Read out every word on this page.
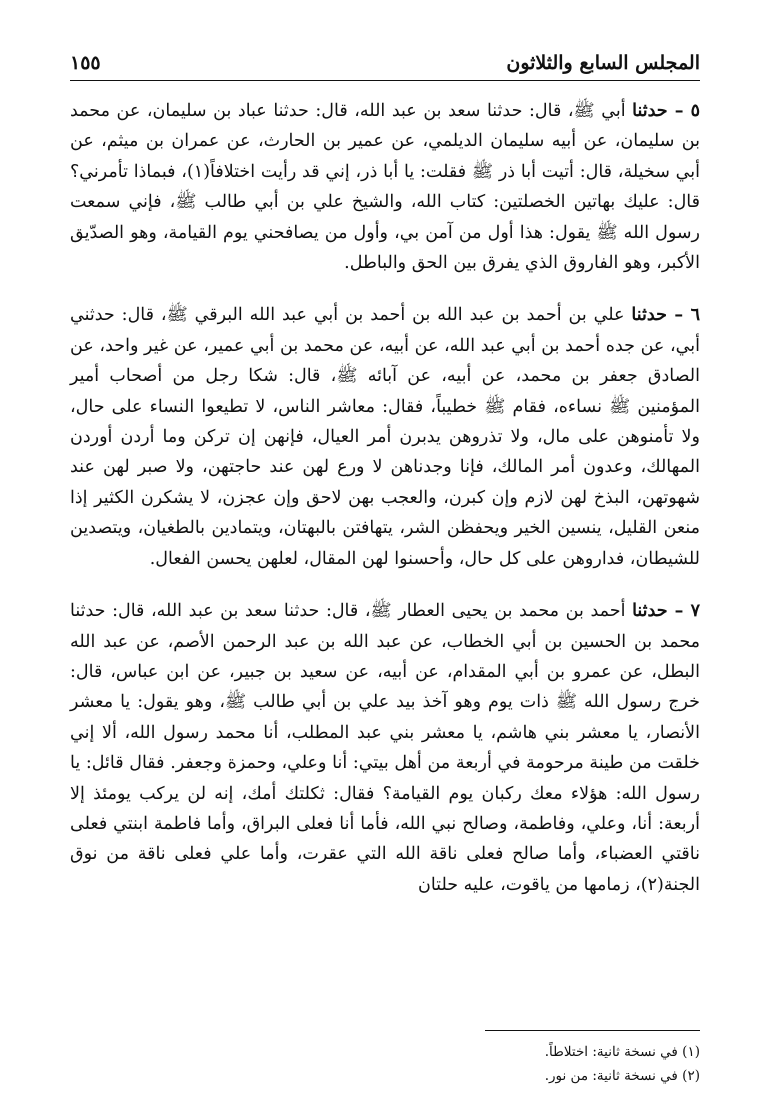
المجلس السابع والثلاثون
١٥٥

٥ – حدثنا أبي ﷺ، قال: حدثنا سعد بن عبد الله، قال: حدثنا عباد بن سليمان، عن محمد بن سليمان، عن أبيه سليمان الديلمي، عن عمير بن الحارث، عن عمران بن ميثم، عن أبي سخيلة، قال: أتيت أبا ذر ﷺ فقلت: يا أبا ذر، إني قد رأيت اختلافاً(١)، فبماذا تأمرني؟ قال: عليك بهاتين الخصلتين: كتاب الله، والشيخ علي بن أبي طالب ﷺ، فإني سمعت رسول الله ﷺ يقول: هذا أول من آمن بي، وأول من يصافحني يوم القيامة، وهو الصدّيق الأكبر، وهو الفاروق الذي يفرق بين الحق والباطل.

٦ – حدثنا علي بن أحمد بن عبد الله بن أحمد بن أبي عبد الله البرقي ﷺ، قال: حدثني أبي، عن جده أحمد بن أبي عبد الله، عن أبيه، عن محمد بن أبي عمير، عن غير واحد، عن الصادق جعفر بن محمد، عن أبيه، عن آبائه ﷺ، قال: شكا رجل من أصحاب أمير المؤمنين ﷺ نساءه، فقام ﷺ خطيباً، فقال: معاشر الناس، لا تطيعوا النساء على حال، ولا تأمنوهن على مال، ولا تذروهن يدبرن أمر العيال، فإنهن إن تركن وما أردن أوردن المهالك، وعدون أمر المالك، فإنا وجدناهن لا ورع لهن عند حاجتهن، ولا صبر لهن عند شهوتهن، البذخ لهن لازم وإن كبرن، والعجب بهن لاحق وإن عجزن، لا يشكرن الكثير إذا منعن القليل، ينسين الخير ويحفظن الشر، يتهافتن بالبهتان، ويتمادين بالطغيان، ويتصدين للشيطان، فداروهن على كل حال، وأحسنوا لهن المقال، لعلهن يحسن الفعال.

٧ – حدثنا أحمد بن محمد بن يحيى العطار ﷺ، قال: حدثنا سعد بن عبد الله، قال: حدثنا محمد بن الحسين بن أبي الخطاب، عن عبد الله بن عبد الرحمن الأصم، عن عبد الله البطل، عن عمرو بن أبي المقدام، عن أبيه، عن سعيد بن جبير، عن ابن عباس، قال: خرج رسول الله ﷺ ذات يوم وهو آخذ بيد علي بن أبي طالب ﷺ، وهو يقول: يا معشر الأنصار، يا معشر بني هاشم، يا معشر بني عبد المطلب، أنا محمد رسول الله، ألا إني خلقت من طينة مرحومة في أربعة من أهل بيتي: أنا وعلي، وحمزة وجعفر. فقال قائل: يا رسول الله: هؤلاء معك ركبان يوم القيامة؟ فقال: ثكلتك أمك، إنه لن يركب يومئذ إلا أربعة: أنا، وعلي، وفاطمة، وصالح نبي الله، فأما أنا فعلى البراق، وأما فاطمة ابنتي فعلى ناقتي العضباء، وأما صالح فعلى ناقة الله التي عقرت، وأما علي فعلى ناقة من نوق الجنة(٢)، زمامها من ياقوت، عليه حلتان

(١) في نسخة ثانية: اختلاطاً.

(٢) في نسخة ثانية: من نور.
